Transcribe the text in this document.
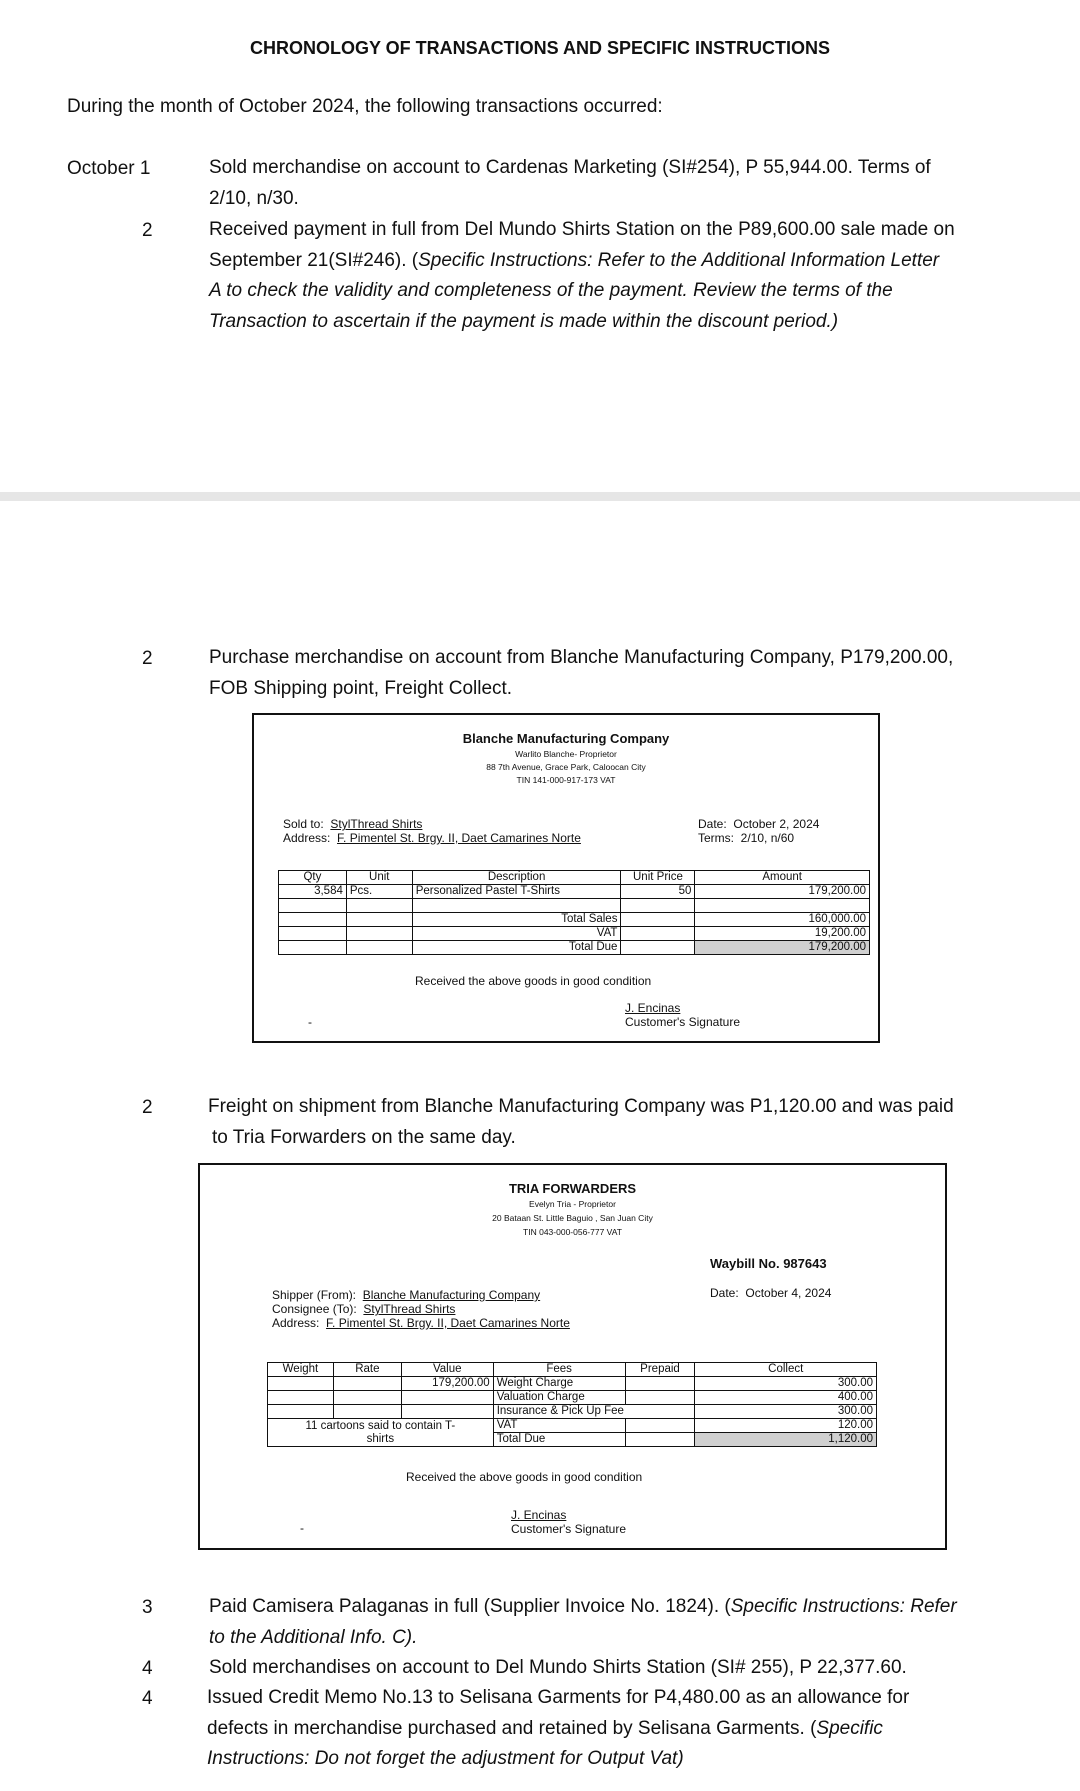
CHRONOLOGY OF TRANSACTIONS AND SPECIFIC INSTRUCTIONS
During the month of October 2024, the following transactions occurred:
October 1	Sold merchandise on account to Cardenas Marketing (SI#254), P 55,944.00. Terms of
2/10, n/30.
2	Received payment in full from Del Mundo Shirts Station on the P89,600.00 sale made on
September 21(SI#246). (Specific Instructions: Refer to the Additional Information Letter
A to check the validity and completeness of the payment. Review the terms of the
Transaction to ascertain if the payment is made within the discount period.)
2	Purchase merchandise on account from Blanche Manufacturing Company, P179,200.00,
FOB Shipping point, Freight Collect.
Blanche Manufacturing Company
Warlito Blanche- Proprietor
88 7th Avenue, Grace Park, Caloocan City
TIN 141-000-917-173 VAT
Sold to: StylThread Shirts
Address: F. Pimentel St. Brgy. II, Daet Camarines Norte
Date: October 2, 2024
Terms: 2/10, n/60
Qty	Unit	Description	Unit Price	Amount
3,584	Pcs.	Personalized Pastel T-Shirts	50	179,200.00

		Total Sales		160,000.00
		VAT		19,200.00
		Total Due		179,200.00
Received the above goods in good condition
J. Encinas
Customer's Signature
-
2	Freight on shipment from Blanche Manufacturing Company was P1,120.00 and was paid
to Tria Forwarders on the same day.
TRIA FORWARDERS
Evelyn Tria - Proprietor
20 Bataan St. Little Baguio , San Juan City
TIN 043-000-056-777 VAT
Waybill No. 987643
Date: October 4, 2024
Shipper (From): Blanche Manufacturing Company
Consignee (To): StylThread Shirts
Address: F. Pimentel St. Brgy. II, Daet Camarines Norte
Weight	Rate	Value	Fees	Prepaid	Collect
		179,200.00	Weight Charge		300.00
			Valuation Charge		400.00
			Insurance & Pick Up Fee		300.00
11 cartoons said to contain T-
shirts			VAT		120.00
			Total Due		1,120.00
Received the above goods in good condition
J. Encinas
Customer's Signature
-
3	Paid Camisera Palaganas in full (Supplier Invoice No. 1824). (Specific Instructions: Refer
to the Additional Info. C).
4	Sold merchandises on account to Del Mundo Shirts Station (SI# 255), P 22,377.60.
4	Issued Credit Memo No.13 to Selisana Garments for P4,480.00 as an allowance for
defects in merchandise purchased and retained by Selisana Garments. (Specific
Instructions: Do not forget the adjustment for Output Vat)
